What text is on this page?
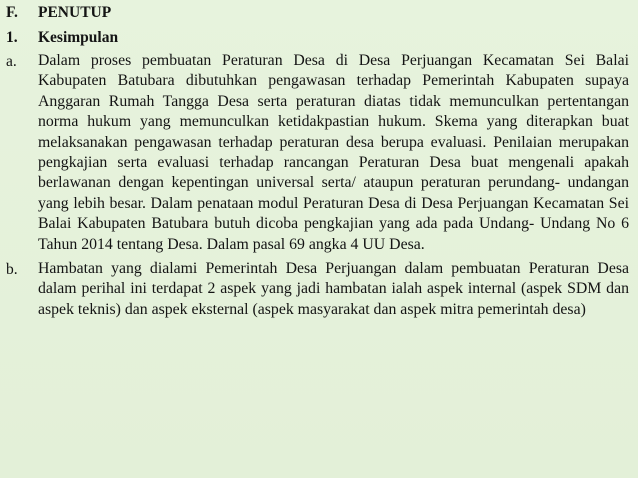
F.	PENUTUP
1.	Kesimpulan
a.	Dalam proses pembuatan Peraturan Desa di Desa Perjuangan Kecamatan Sei Balai Kabupaten Batubara dibutuhkan pengawasan terhadap Pemerintah Kabupaten supaya Anggaran Rumah Tangga Desa serta peraturan diatas tidak memunculkan pertentangan norma hukum yang memunculkan ketidakpastian hukum. Skema yang diterapkan buat melaksanakan pengawasan terhadap peraturan desa berupa evaluasi. Penilaian merupakan pengkajian serta evaluasi terhadap rancangan Peraturan Desa buat mengenali apakah berlawanan dengan kepentingan universal serta/ ataupun peraturan perundang- undangan yang lebih besar. Dalam penataan modul Peraturan Desa di Desa Perjuangan Kecamatan Sei Balai Kabupaten Batubara butuh dicoba pengkajian yang ada pada Undang- Undang No 6 Tahun 2014 tentang Desa. Dalam pasal 69 angka 4 UU Desa.
b.	Hambatan yang dialami Pemerintah Desa Perjuangan dalam pembuatan Peraturan Desa dalam perihal ini terdapat 2 aspek yang jadi hambatan ialah aspek internal (aspek SDM dan aspek teknis) dan aspek eksternal (aspek masyarakat dan aspek mitra pemerintah desa)
